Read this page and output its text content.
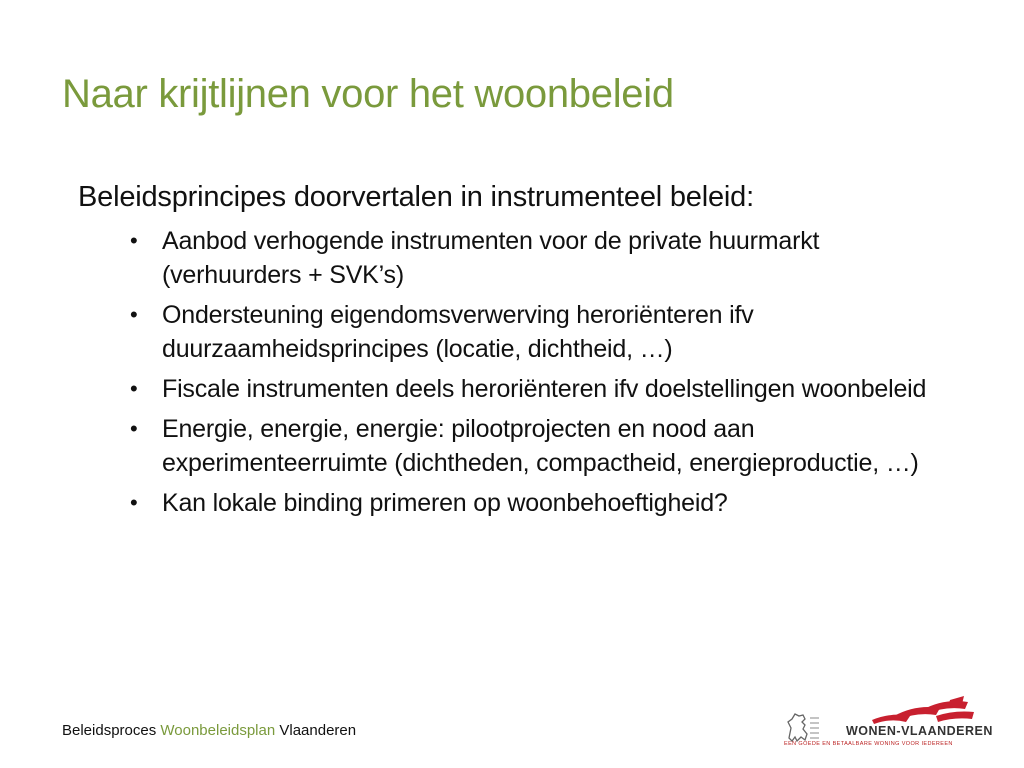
Naar krijtlijnen voor het woonbeleid
Beleidsprincipes doorvertalen in instrumenteel beleid:
• Aanbod verhogende instrumenten voor de private huurmarkt (verhuurders + SVK’s)
• Ondersteuning eigendomsverwerving heroriënteren ifv duurzaamheidsprincipes (locatie, dichtheid, …)
• Fiscale instrumenten deels heroriënteren ifv doelstellingen woonbeleid
• Energie, energie, energie: pilootprojecten en nood aan experimenteerruimte (dichtheden, compactheid, energieproductie, …)
• Kan lokale binding primeren op woonbehoeftigheid?
Beleidsproces Woonbeleidsplan Vlaanderen	WONEN-VLAANDEREN
EEN GOEDE EN BETAALBARE WONING VOOR IEDEREEN
